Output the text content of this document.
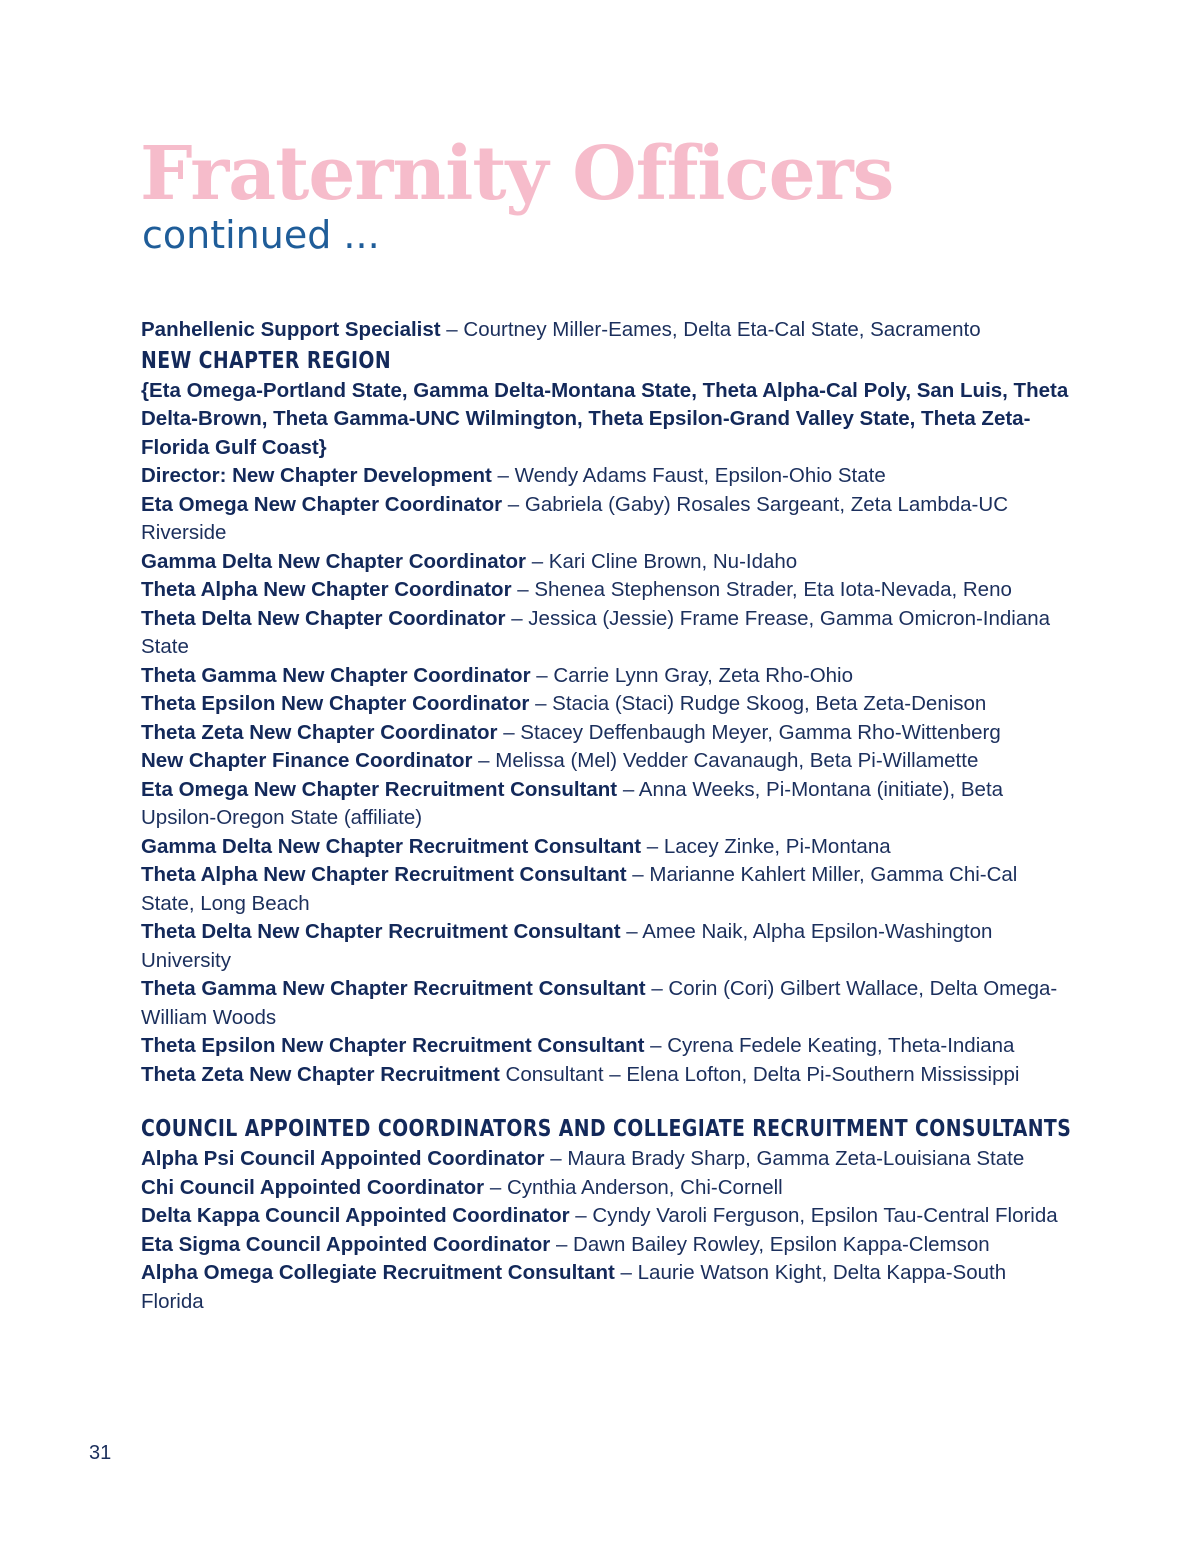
Fraternity Officers
continued ...

Panhellenic Support Specialist – Courtney Miller-Eames, Delta Eta-Cal State, Sacramento

NEW CHAPTER REGION

{Eta Omega-Portland State, Gamma Delta-Montana State, Theta Alpha-Cal Poly, San Luis, Theta Delta-Brown, Theta Gamma-UNC Wilmington, Theta Epsilon-Grand Valley State, Theta Zeta-Florida Gulf Coast}

Director: New Chapter Development – Wendy Adams Faust, Epsilon-Ohio State

Eta Omega New Chapter Coordinator – Gabriela (Gaby) Rosales Sargeant, Zeta Lambda-UC Riverside

Gamma Delta New Chapter Coordinator – Kari Cline Brown, Nu-Idaho

Theta Alpha New Chapter Coordinator – Shenea Stephenson Strader, Eta Iota-Nevada, Reno

Theta Delta New Chapter Coordinator – Jessica (Jessie) Frame Frease, Gamma Omicron-Indiana State

Theta Gamma New Chapter Coordinator – Carrie Lynn Gray, Zeta Rho-Ohio

Theta Epsilon New Chapter Coordinator – Stacia (Staci) Rudge Skoog, Beta Zeta-Denison

Theta Zeta New Chapter Coordinator – Stacey Deffenbaugh Meyer, Gamma Rho-Wittenberg

New Chapter Finance Coordinator – Melissa (Mel) Vedder Cavanaugh, Beta Pi-Willamette

Eta Omega New Chapter Recruitment Consultant – Anna Weeks, Pi-Montana (initiate), Beta Upsilon-Oregon State (affiliate)

Gamma Delta New Chapter Recruitment Consultant – Lacey Zinke, Pi-Montana

Theta Alpha New Chapter Recruitment Consultant – Marianne Kahlert Miller, Gamma Chi-Cal State, Long Beach

Theta Delta New Chapter Recruitment Consultant – Amee Naik, Alpha Epsilon-Washington University

Theta Gamma New Chapter Recruitment Consultant – Corin (Cori) Gilbert Wallace, Delta Omega-William Woods

Theta Epsilon New Chapter Recruitment Consultant – Cyrena Fedele Keating, Theta-Indiana

Theta Zeta New Chapter Recruitment Consultant – Elena Lofton, Delta Pi-Southern Mississippi

COUNCIL APPOINTED COORDINATORS AND COLLEGIATE RECRUITMENT CONSULTANTS

Alpha Psi Council Appointed Coordinator – Maura Brady Sharp, Gamma Zeta-Louisiana State

Chi Council Appointed Coordinator – Cynthia Anderson, Chi-Cornell

Delta Kappa Council Appointed Coordinator – Cyndy Varoli Ferguson, Epsilon Tau-Central Florida

Eta Sigma Council Appointed Coordinator – Dawn Bailey Rowley, Epsilon Kappa-Clemson

Alpha Omega Collegiate Recruitment Consultant – Laurie Watson Kight, Delta Kappa-South Florida

31
